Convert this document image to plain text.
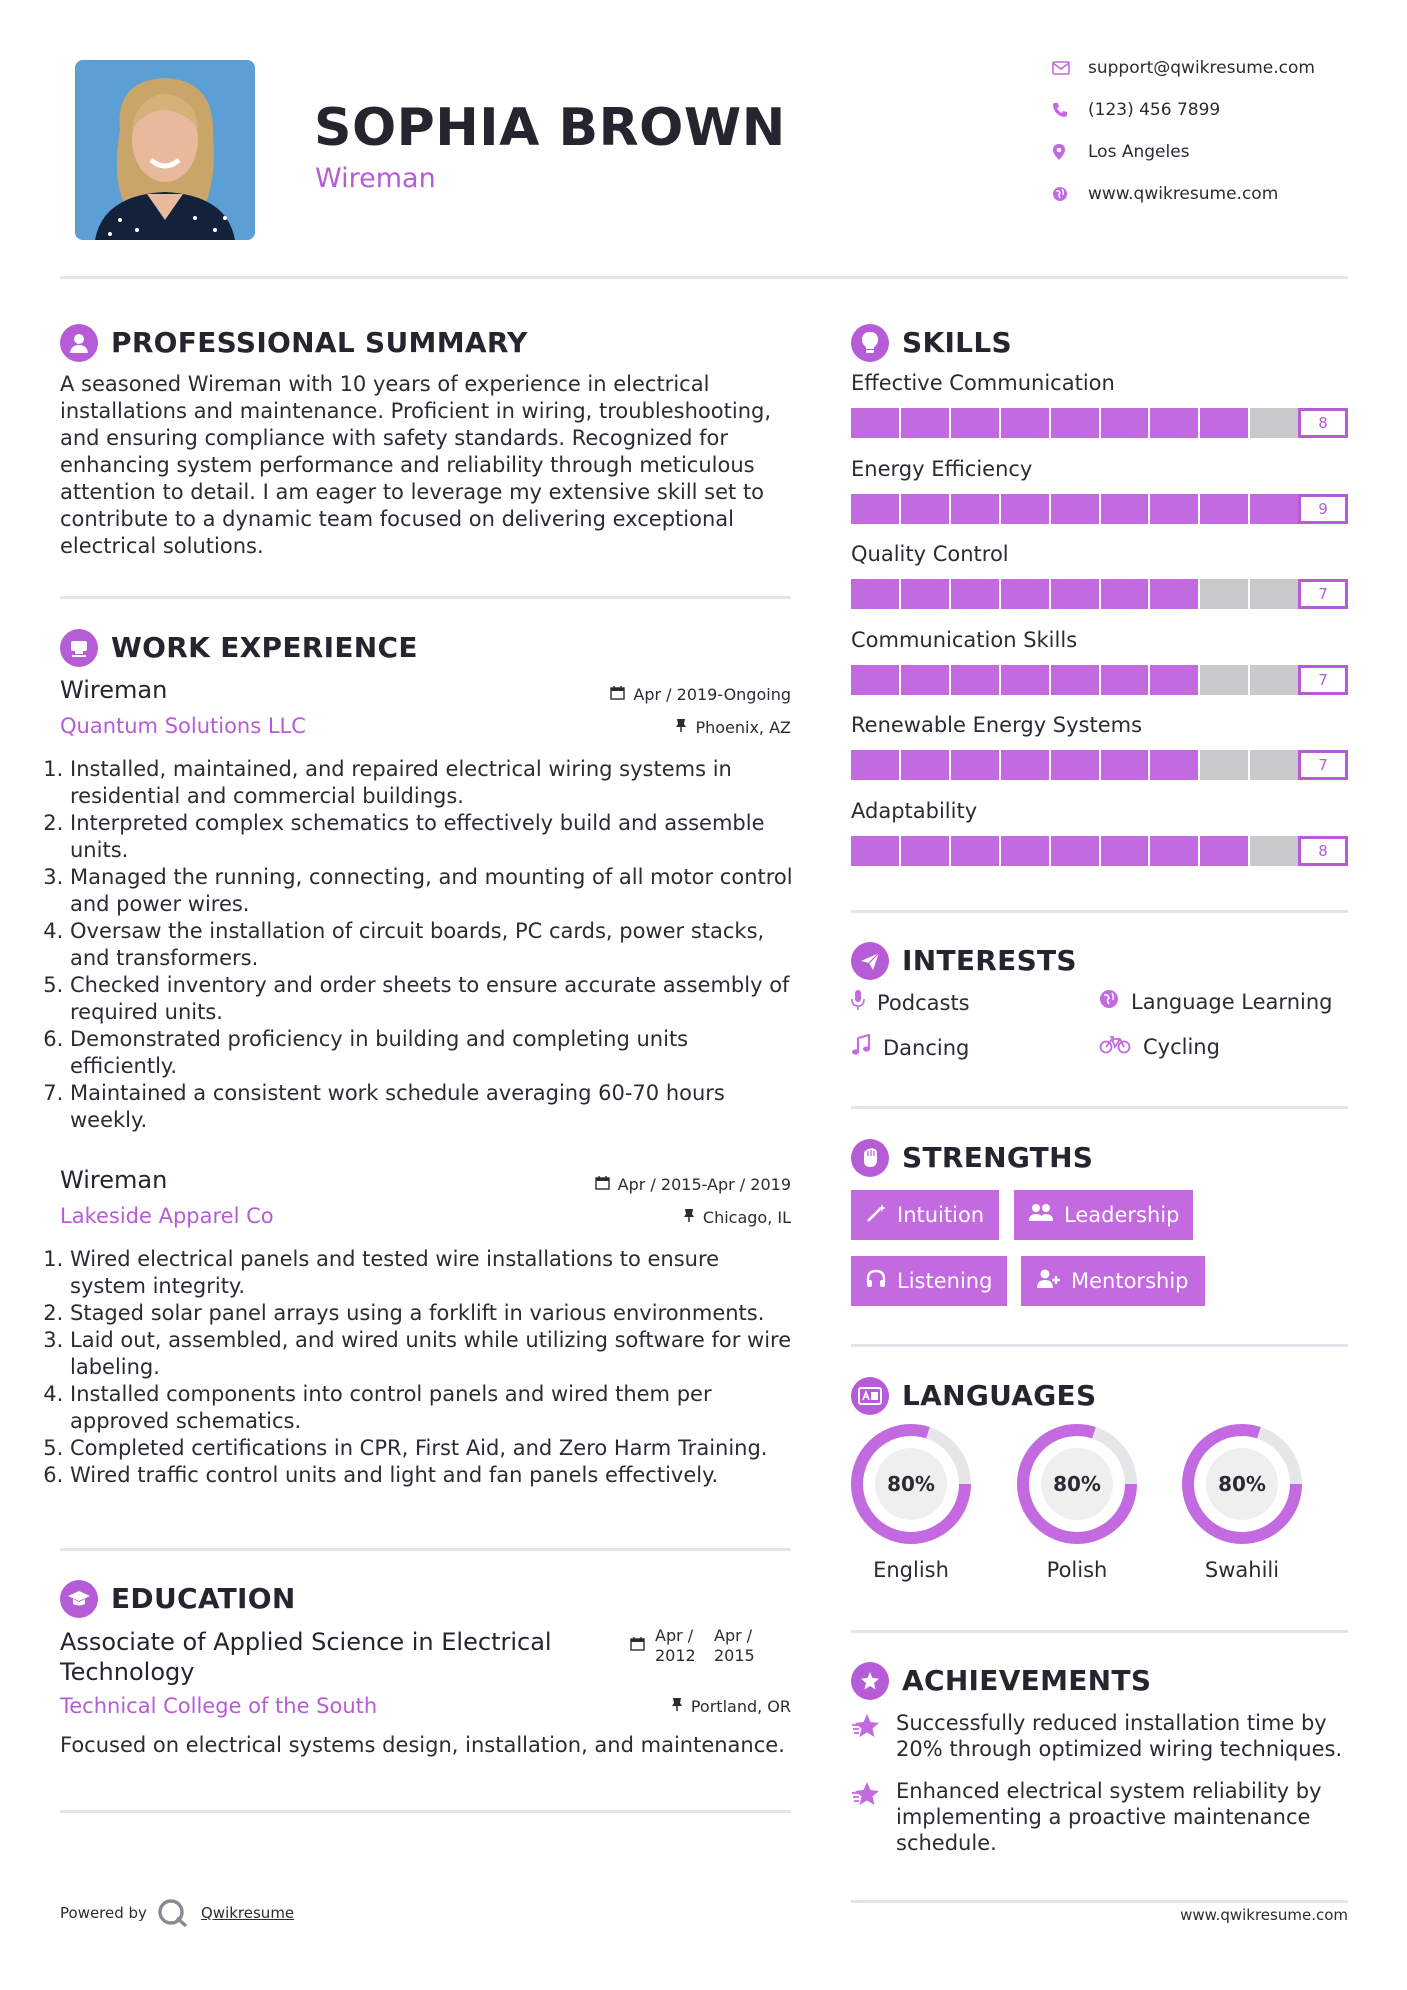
SOPHIA BROWN
Wireman
support@qwikresume.com
(123) 456 7899
Los Angeles
www.qwikresume.com
PROFESSIONAL SUMMARY
A seasoned Wireman with 10 years of experience in electrical installations and maintenance. Proficient in wiring, troubleshooting, and ensuring compliance with safety standards. Recognized for enhancing system performance and reliability through meticulous attention to detail. I am eager to leverage my extensive skill set to contribute to a dynamic team focused on delivering exceptional electrical solutions.
WORK EXPERIENCE
Wireman	Apr / 2019-Ongoing
Quantum Solutions LLC	Phoenix, AZ
1. Installed, maintained, and repaired electrical wiring systems in residential and commercial buildings.
2. Interpreted complex schematics to effectively build and assemble units.
3. Managed the running, connecting, and mounting of all motor control and power wires.
4. Oversaw the installation of circuit boards, PC cards, power stacks, and transformers.
5. Checked inventory and order sheets to ensure accurate assembly of required units.
6. Demonstrated proficiency in building and completing units efficiently.
7. Maintained a consistent work schedule averaging 60-70 hours weekly.
Wireman	Apr / 2015-Apr / 2019
Lakeside Apparel Co	Chicago, IL
1. Wired electrical panels and tested wire installations to ensure system integrity.
2. Staged solar panel arrays using a forklift in various environments.
3. Laid out, assembled, and wired units while utilizing software for wire labeling.
4. Installed components into control panels and wired them per approved schematics.
5. Completed certifications in CPR, First Aid, and Zero Harm Training.
6. Wired traffic control units and light and fan panels effectively.
EDUCATION
Associate of Applied Science in Electrical Technology
Apr / 2012
Apr / 2015
Technical College of the South	Portland, OR
Focused on electrical systems design, installation, and maintenance.
SKILLS
Effective Communication
8
Energy Efficiency
9
Quality Control
7
Communication Skills
7
Renewable Energy Systems
7
Adaptability
8
INTERESTS
Podcasts	Language Learning
Dancing	Cycling
STRENGTHS
Intuition	Leadership
Listening	Mentorship
LANGUAGES
80%
English
80%
Polish
80%
Swahili
ACHIEVEMENTS
Successfully reduced installation time by 20% through optimized wiring techniques.
Enhanced electrical system reliability by implementing a proactive maintenance schedule.
Powered by	Qwikresume	www.qwikresume.com
